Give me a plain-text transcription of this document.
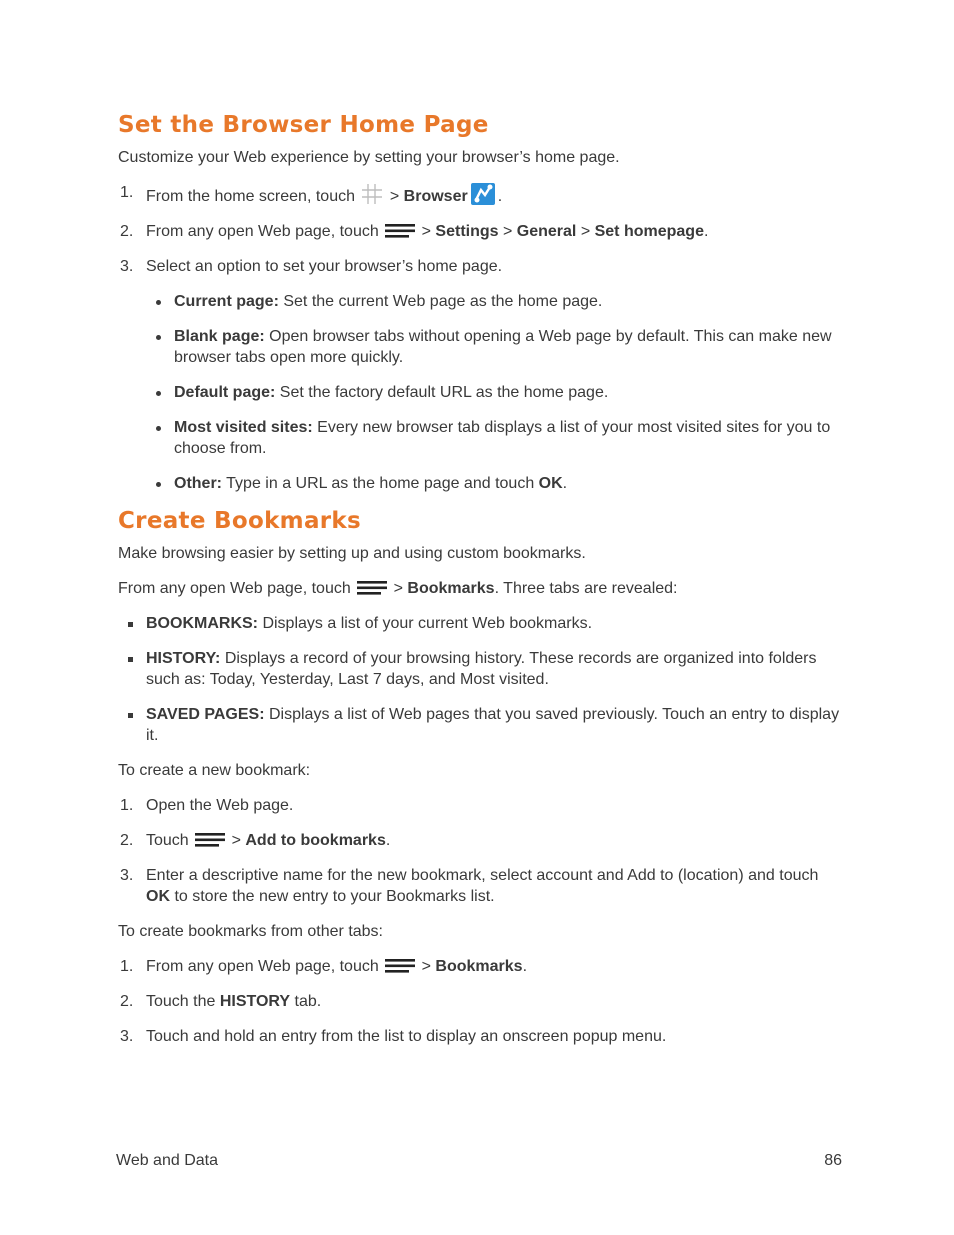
Set the Browser Home Page

Customize your Web experience by setting your browser’s home page.

1. From the home screen, touch  > Browser .
2. From any open Web page, touch  > Settings > General > Set homepage.
3. Select an option to set your browser’s home page.
Current page: Set the current Web page as the home page.
Blank page: Open browser tabs without opening a Web page by default. This can make new browser tabs open more quickly.
Default page: Set the factory default URL as the home page.
Most visited sites: Every new browser tab displays a list of your most visited sites for you to choose from.
Other: Type in a URL as the home page and touch OK.
Create Bookmarks

Make browsing easier by setting up and using custom bookmarks.

From any open Web page, touch  > Bookmarks. Three tabs are revealed:

BOOKMARKS: Displays a list of your current Web bookmarks.
HISTORY: Displays a record of your browsing history. These records are organized into folders such as: Today, Yesterday, Last 7 days, and Most visited.
SAVED PAGES: Displays a list of Web pages that you saved previously. Touch an entry to display it.

To create a new bookmark:

1. Open the Web page.
2. Touch  > Add to bookmarks.
3. Enter a descriptive name for the new bookmark, select account and Add to (location) and touch OK to store the new entry to your Bookmarks list.

To create bookmarks from other tabs:

1. From any open Web page, touch  > Bookmarks.
2. Touch the HISTORY tab.
3. Touch and hold an entry from the list to display an onscreen popup menu.
Web and Data	86
